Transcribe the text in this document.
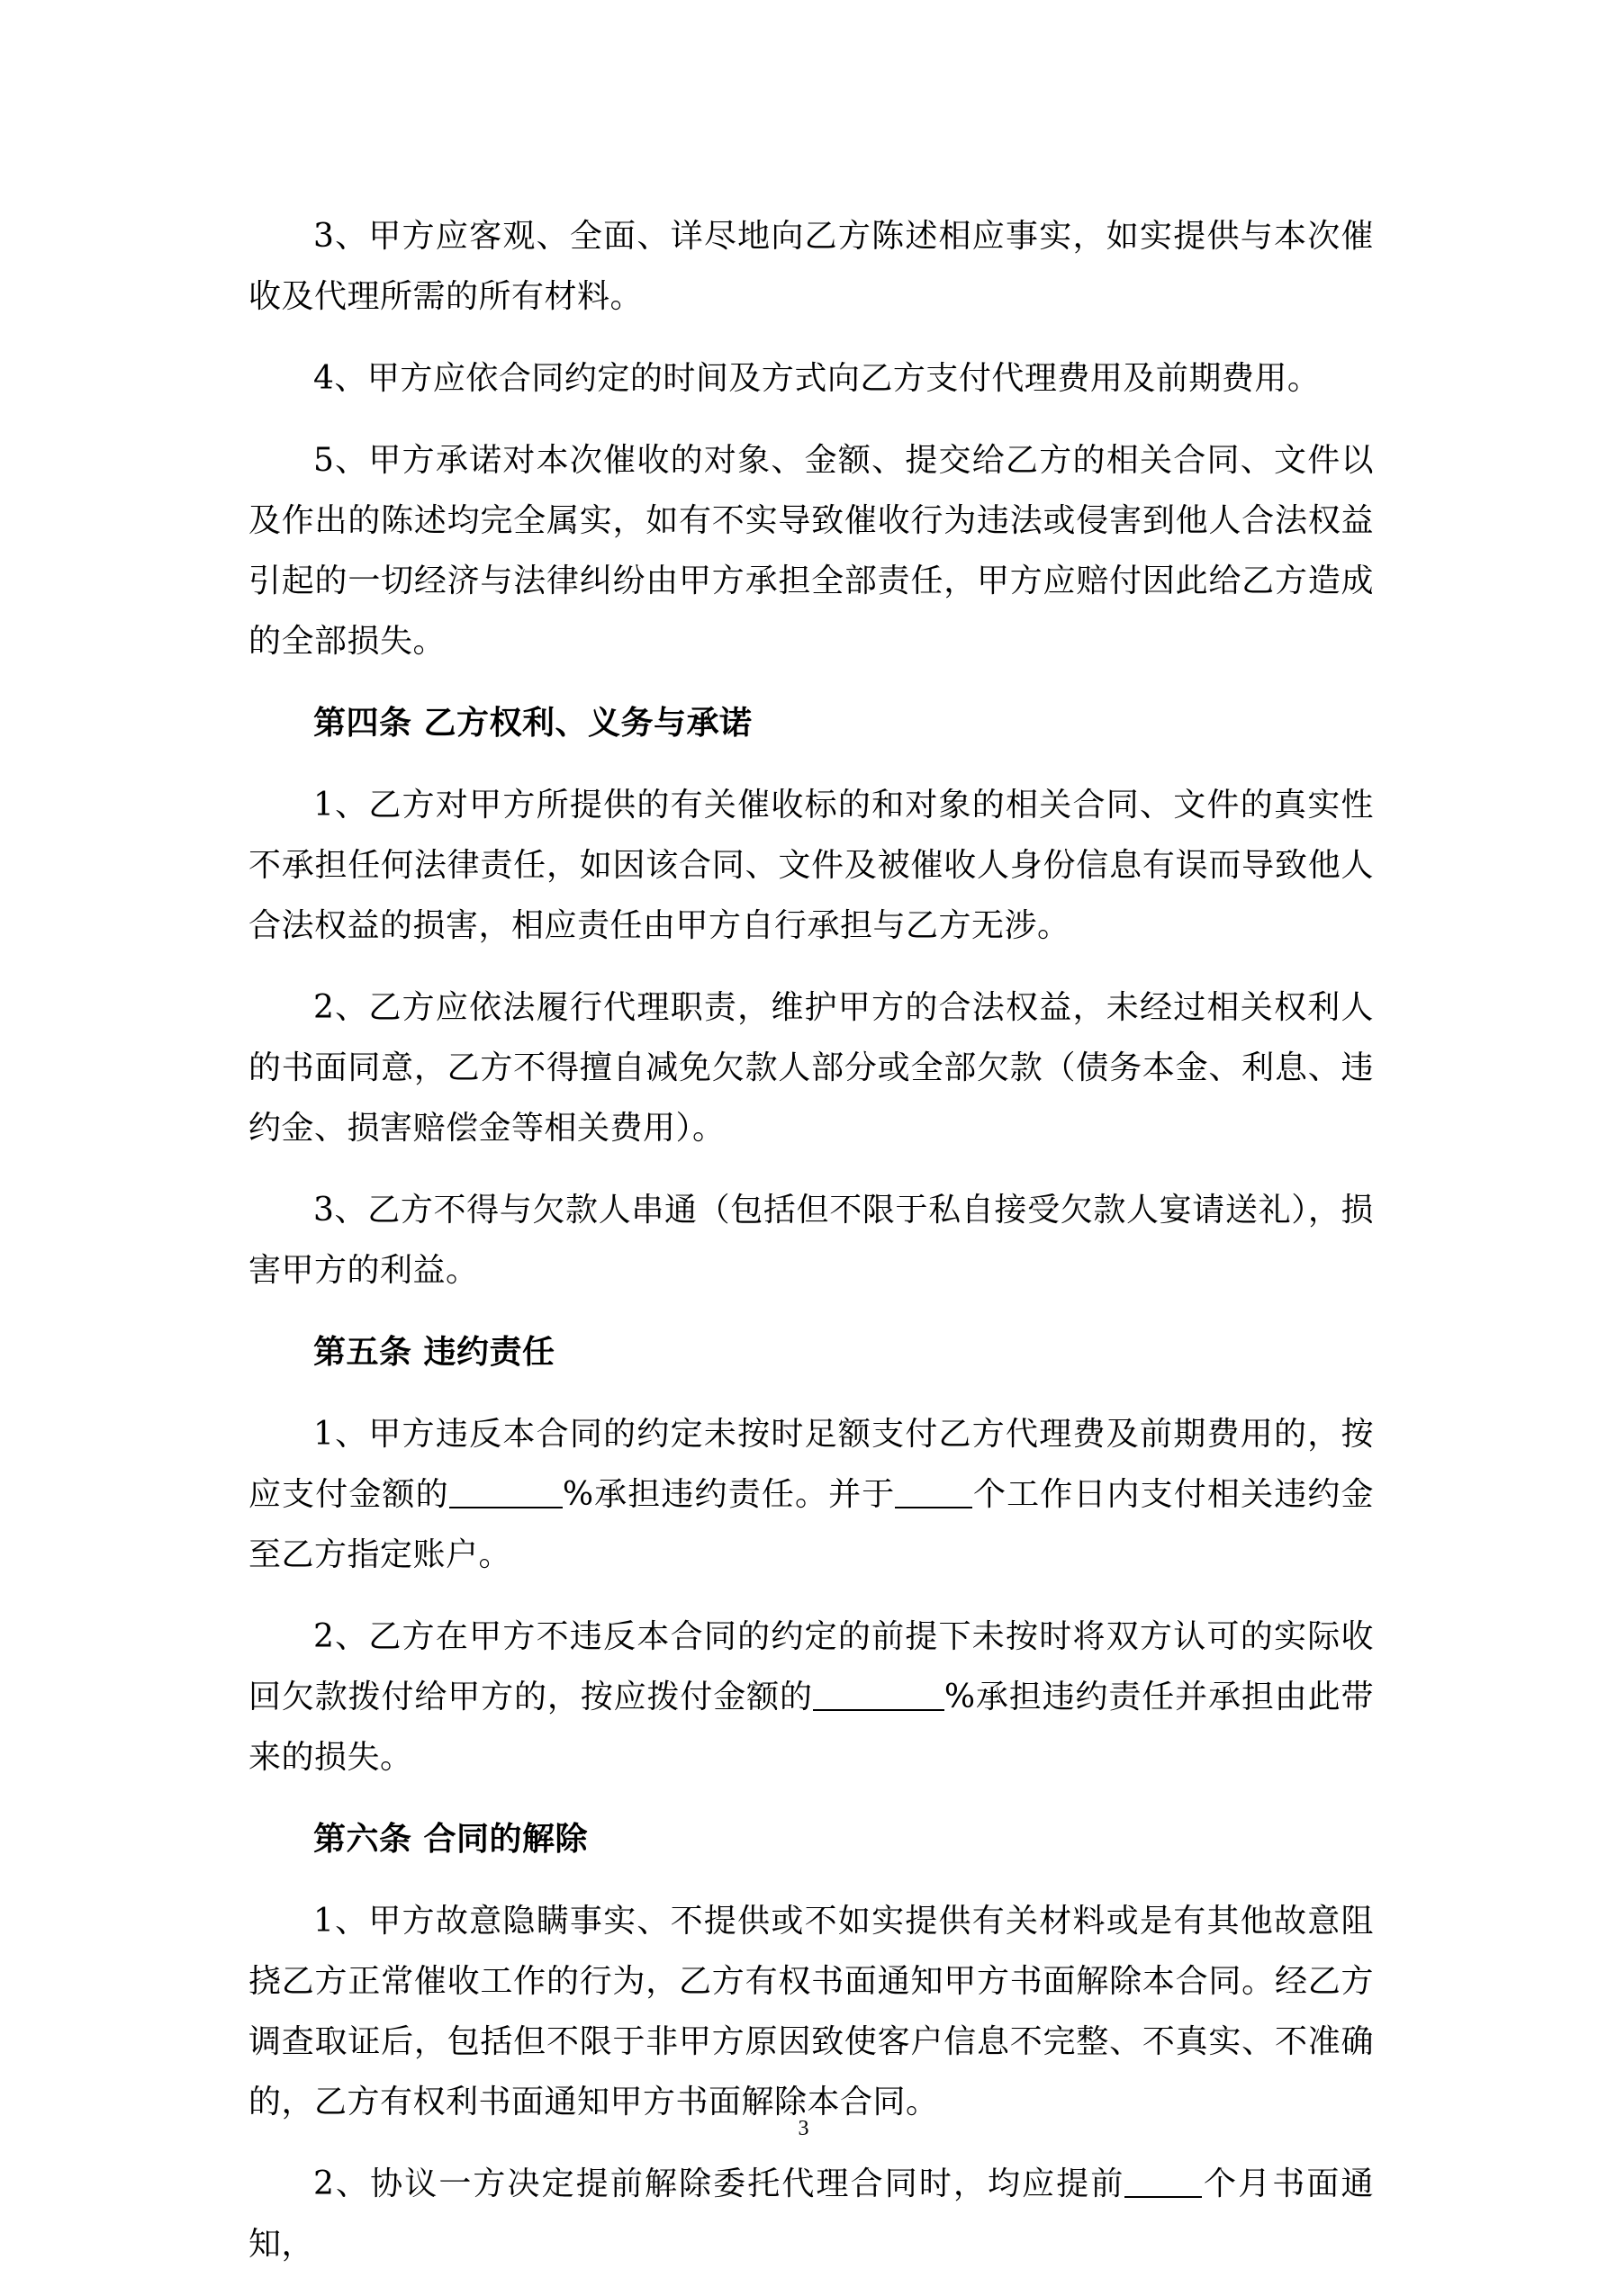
3、甲方应客观、全面、详尽地向乙方陈述相应事实，如实提供与本次催收及代理所需的所有材料。

4、甲方应依合同约定的时间及方式向乙方支付代理费用及前期费用。

5、甲方承诺对本次催收的对象、金额、提交给乙方的相关合同、文件以及作出的陈述均完全属实，如有不实导致催收行为违法或侵害到他人合法权益引起的一切经济与法律纠纷由甲方承担全部责任，甲方应赔付因此给乙方造成的全部损失。

第四条 乙方权利、义务与承诺

1、乙方对甲方所提供的有关催收标的和对象的相关合同、文件的真实性不承担任何法律责任，如因该合同、文件及被催收人身份信息有误而导致他人合法权益的损害，相应责任由甲方自行承担与乙方无涉。

2、乙方应依法履行代理职责，维护甲方的合法权益，未经过相关权利人的书面同意，乙方不得擅自减免欠款人部分或全部欠款（债务本金、利息、违约金、损害赔偿金等相关费用）。

3、乙方不得与欠款人串通（包括但不限于私自接受欠款人宴请送礼），损害甲方的利益。

第五条 违约责任

1、甲方违反本合同的约定未按时足额支付乙方代理费及前期费用的，按应支付金额的	%承担违约责任。并于 个工作日内支付相关违约金至乙方指定账户。

2、乙方在甲方不违反本合同的约定的前提下未按时将双方认可的实际收回欠款拨付给甲方的，按应拨付金额的	%承担违约责任并承担由此带来的损失。

第六条 合同的解除

1、甲方故意隐瞒事实、不提供或不如实提供有关材料或是有其他故意阻挠乙方正常催收工作的行为，乙方有权书面通知甲方书面解除本合同。经乙方调查取证后，包括但不限于非甲方原因致使客户信息不完整、不真实、不准确的，乙方有权利书面通知甲方书面解除本合同。

2、协议一方决定提前解除委托代理合同时，均应提前 个月书面通知，

3
